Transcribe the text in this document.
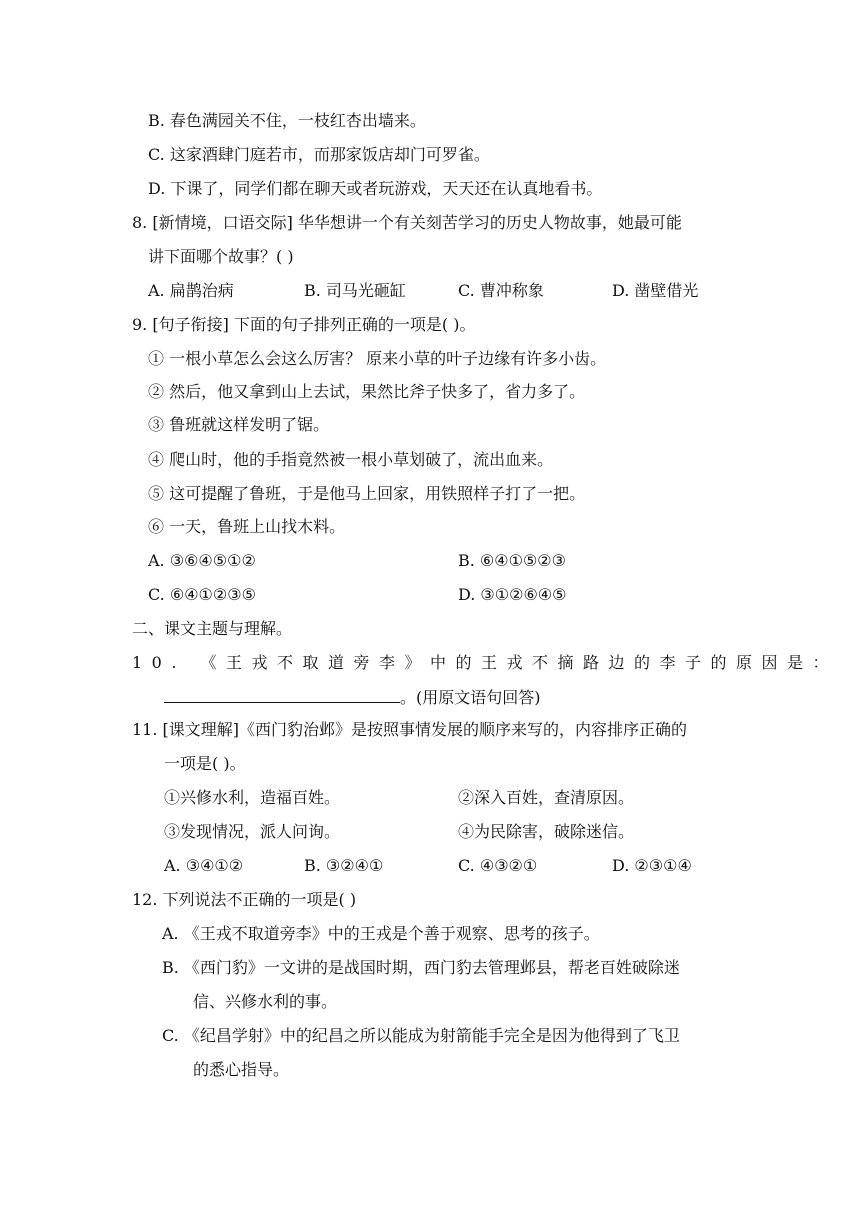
B. 春色满园关不住，一枝红杏出墙来。
C. 这家酒肆门庭若市，而那家饭店却门可罗雀。
D. 下课了，同学们都在聊天或者玩游戏，天天还在认真地看书。
8. [新情境，口语交际] 华华想讲一个有关刻苦学习的历史人物故事，她最可能
讲下面哪个故事？( )
A. 扁鹊治病	B. 司马光砸缸	C. 曹冲称象	D. 凿壁借光
9. [句子衔接] 下面的句子排列正确的一项是( )。
① 一根小草怎么会这么厉害？ 原来小草的叶子边缘有许多小齿。
② 然后，他又拿到山上去试，果然比斧子快多了，省力多了。
③ 鲁班就这样发明了锯。
④ 爬山时，他的手指竟然被一根小草划破了，流出血来。
⑤ 这可提醒了鲁班，于是他马上回家，用铁照样子打了一把。
⑥ 一天，鲁班上山找木料。
A. ③⑥④⑤①②	B. ⑥④①⑤②③
C. ⑥④①②③⑤	D. ③①②⑥④⑤
二、课文主题与理解。
10. 《王戎不取道旁李》中的王戎不摘路边的李子的原因是：
。(用原文语句回答)
11. [课文理解]《西门豹治邺》是按照事情发展的顺序来写的，内容排序正确的
一项是( )。
①兴修水利，造福百姓。	②深入百姓，查清原因。
③发现情况，派人问询。	④为民除害，破除迷信。
A. ③④①②	B. ③②④①	C. ④③②①	D. ②③①④
12. 下列说法不正确的一项是( )
A. 《王戎不取道旁李》中的王戎是个善于观察、思考的孩子。
B. 《西门豹》一文讲的是战国时期，西门豹去管理邺县，帮老百姓破除迷
信、兴修水利的事。
C. 《纪昌学射》中的纪昌之所以能成为射箭能手完全是因为他得到了飞卫
的悉心指导。
